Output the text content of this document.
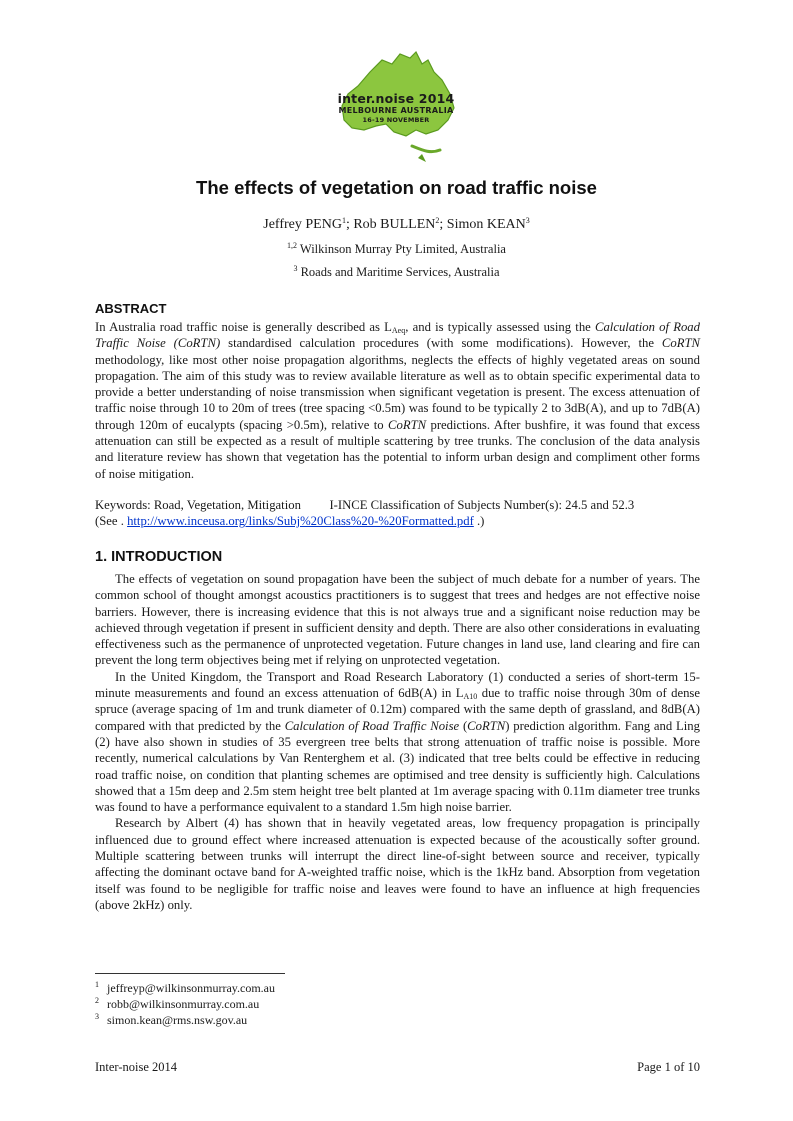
inter.noise 2014
MELBOURNE AUSTRALIA
16-19 NOVEMBER
The effects of vegetation on road traffic noise
Jeffrey PENG$^1$; Rob BULLEN$^2$; Simon KEAN$^3$
$^{1,2}$ Wilkinson Murray Pty Limited, Australia
$^3$ Roads and Maritime Services, Australia
ABSTRACT

In Australia road traffic noise is generally described as $L_{Aeq}$, and is typically assessed using the Calculation of Road Traffic Noise (CoRTN) standardised calculation procedures (with some modifications). However, the CoRTN methodology, like most other noise propagation algorithms, neglects the effects of highly vegetated areas on sound propagation. The aim of this study was to review available literature as well as to obtain specific experimental data to provide a better understanding of noise transmission when significant vegetation is present. The excess attenuation of traffic noise through 10 to 20m of trees (tree spacing <0.5m) was found to be typically 2 to 3dB(A), and up to 7dB(A) through 120m of eucalypts (spacing >0.5m), relative to CoRTN predictions. After bushfire, it was found that excess attenuation can still be expected as a result of multiple scattering by tree trunks. The conclusion of the data analysis and literature review has shown that vegetation has the potential to inform urban design and compliment other forms of noise mitigation.

Keywords: Road, Vegetation, Mitigation         I-INCE Classification of Subjects Number(s): 24.5 and 52.3
(See . http://www.inceusa.org/links/Subj%20Class%20-%20Formatted.pdf .)
1. INTRODUCTION

The effects of vegetation on sound propagation have been the subject of much debate for a number of years. The common school of thought amongst acoustics practitioners is to suggest that trees and hedges are not effective noise barriers. However, there is increasing evidence that this is not always true and a significant noise reduction may be achieved through vegetation if present in sufficient density and depth. There are also other considerations in evaluating effectiveness such as the permanence of unprotected vegetation. Future changes in land use, land clearing and fire can prevent the long term objectives being met if relying on unprotected vegetation.

In the United Kingdom, the Transport and Road Research Laboratory (1) conducted a series of short-term 15-minute measurements and found an excess attenuation of 6dB(A) in $L_{A10}$ due to traffic noise through 30m of dense spruce (average spacing of 1m and trunk diameter of 0.12m) compared with the same depth of grassland, and 8dB(A) compared with that predicted by the Calculation of Road Traffic Noise (CoRTN) prediction algorithm. Fang and Ling (2) have also shown in studies of 35 evergreen tree belts that strong attenuation of traffic noise is possible. More recently, numerical calculations by Van Renterghem et al. (3) indicated that tree belts could be effective in reducing road traffic noise, on condition that planting schemes are optimised and tree density is sufficiently high. Calculations showed that a 15m deep and 2.5m stem height tree belt planted at 1m average spacing with 0.11m diameter tree trunks was found to have a performance equivalent to a standard 1.5m high noise barrier.

Research by Albert (4) has shown that in heavily vegetated areas, low frequency propagation is principally influenced due to ground effect where increased attenuation is expected because of the acoustically softer ground. Multiple scattering between trunks will interrupt the direct line-of-sight between source and receiver, typically affecting the dominant octave band for A-weighted traffic noise, which is the 1kHz band. Absorption from vegetation itself was found to be negligible for traffic noise and leaves were found to have an influence at high frequencies (above 2kHz) only.

$^1$ jeffreyp@wilkinsonmurray.com.au
$^2$ robb@wilkinsonmurray.com.au
$^3$ simon.kean@rms.nsw.gov.au
Inter-noise 2014	Page 1 of 10
